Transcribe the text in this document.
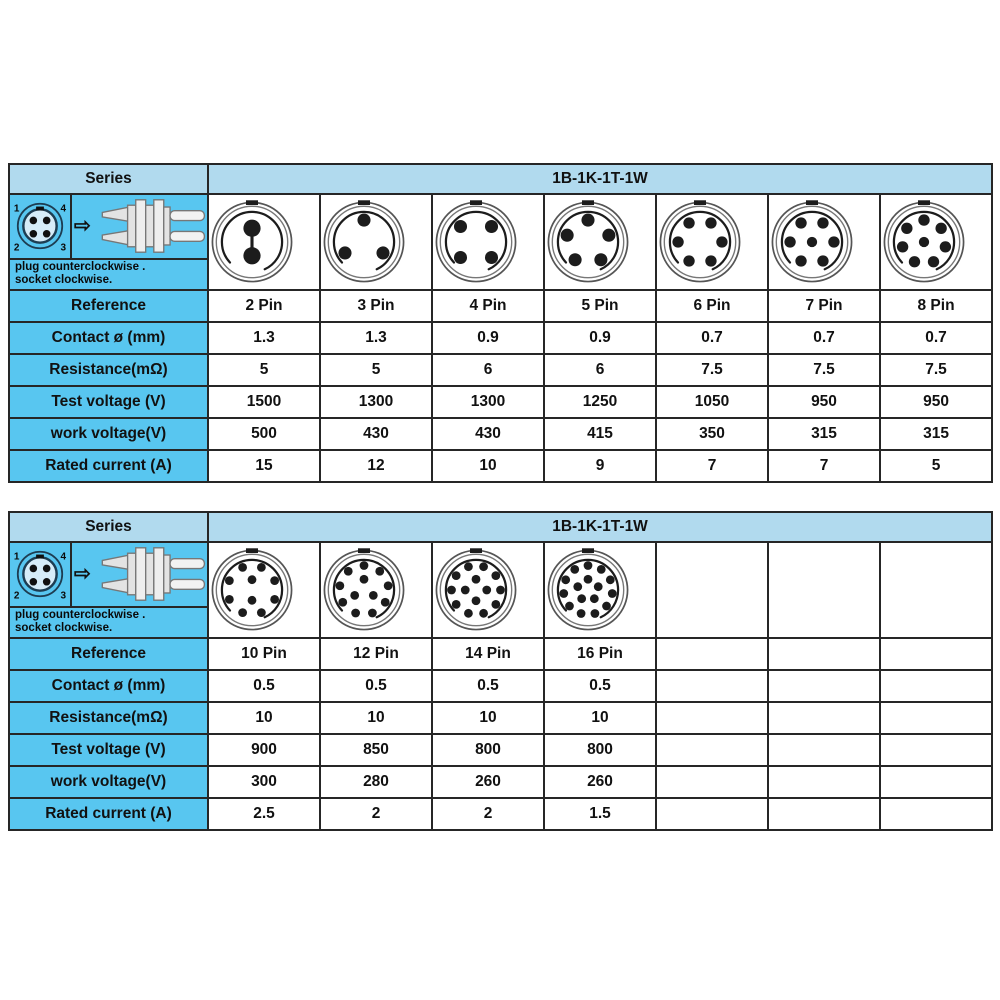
Series	1B-1K-1T-1W						

1	4
2	3
⇨
plug counterclockwise .
socket clockwise.

Reference	2 Pin	3 Pin	4 Pin	5 Pin	6 Pin	7 Pin	8 Pin
Contact ø (mm)	1.3	1.3	0.9	0.9	0.7	0.7	0.7
Resistance(mΩ)	5	5	6	6	7.5	7.5	7.5
Test voltage (V)	1500	1300	1300	1250	1050	950	950
work voltage(V)	500	430	430	415	350	315	315
Rated current (A)	15	12	10	9	7	7	5
Series	1B-1K-1T-1W						

1	4
2	3
⇨
plug counterclockwise .
socket clockwise.

Reference	10 Pin	12 Pin	14 Pin	16 Pin			
Contact ø (mm)	0.5	0.5	0.5	0.5			
Resistance(mΩ)	10	10	10	10			
Test voltage (V)	900	850	800	800			
work voltage(V)	300	280	260	260			
Rated current (A)	2.5	2	2	1.5			
